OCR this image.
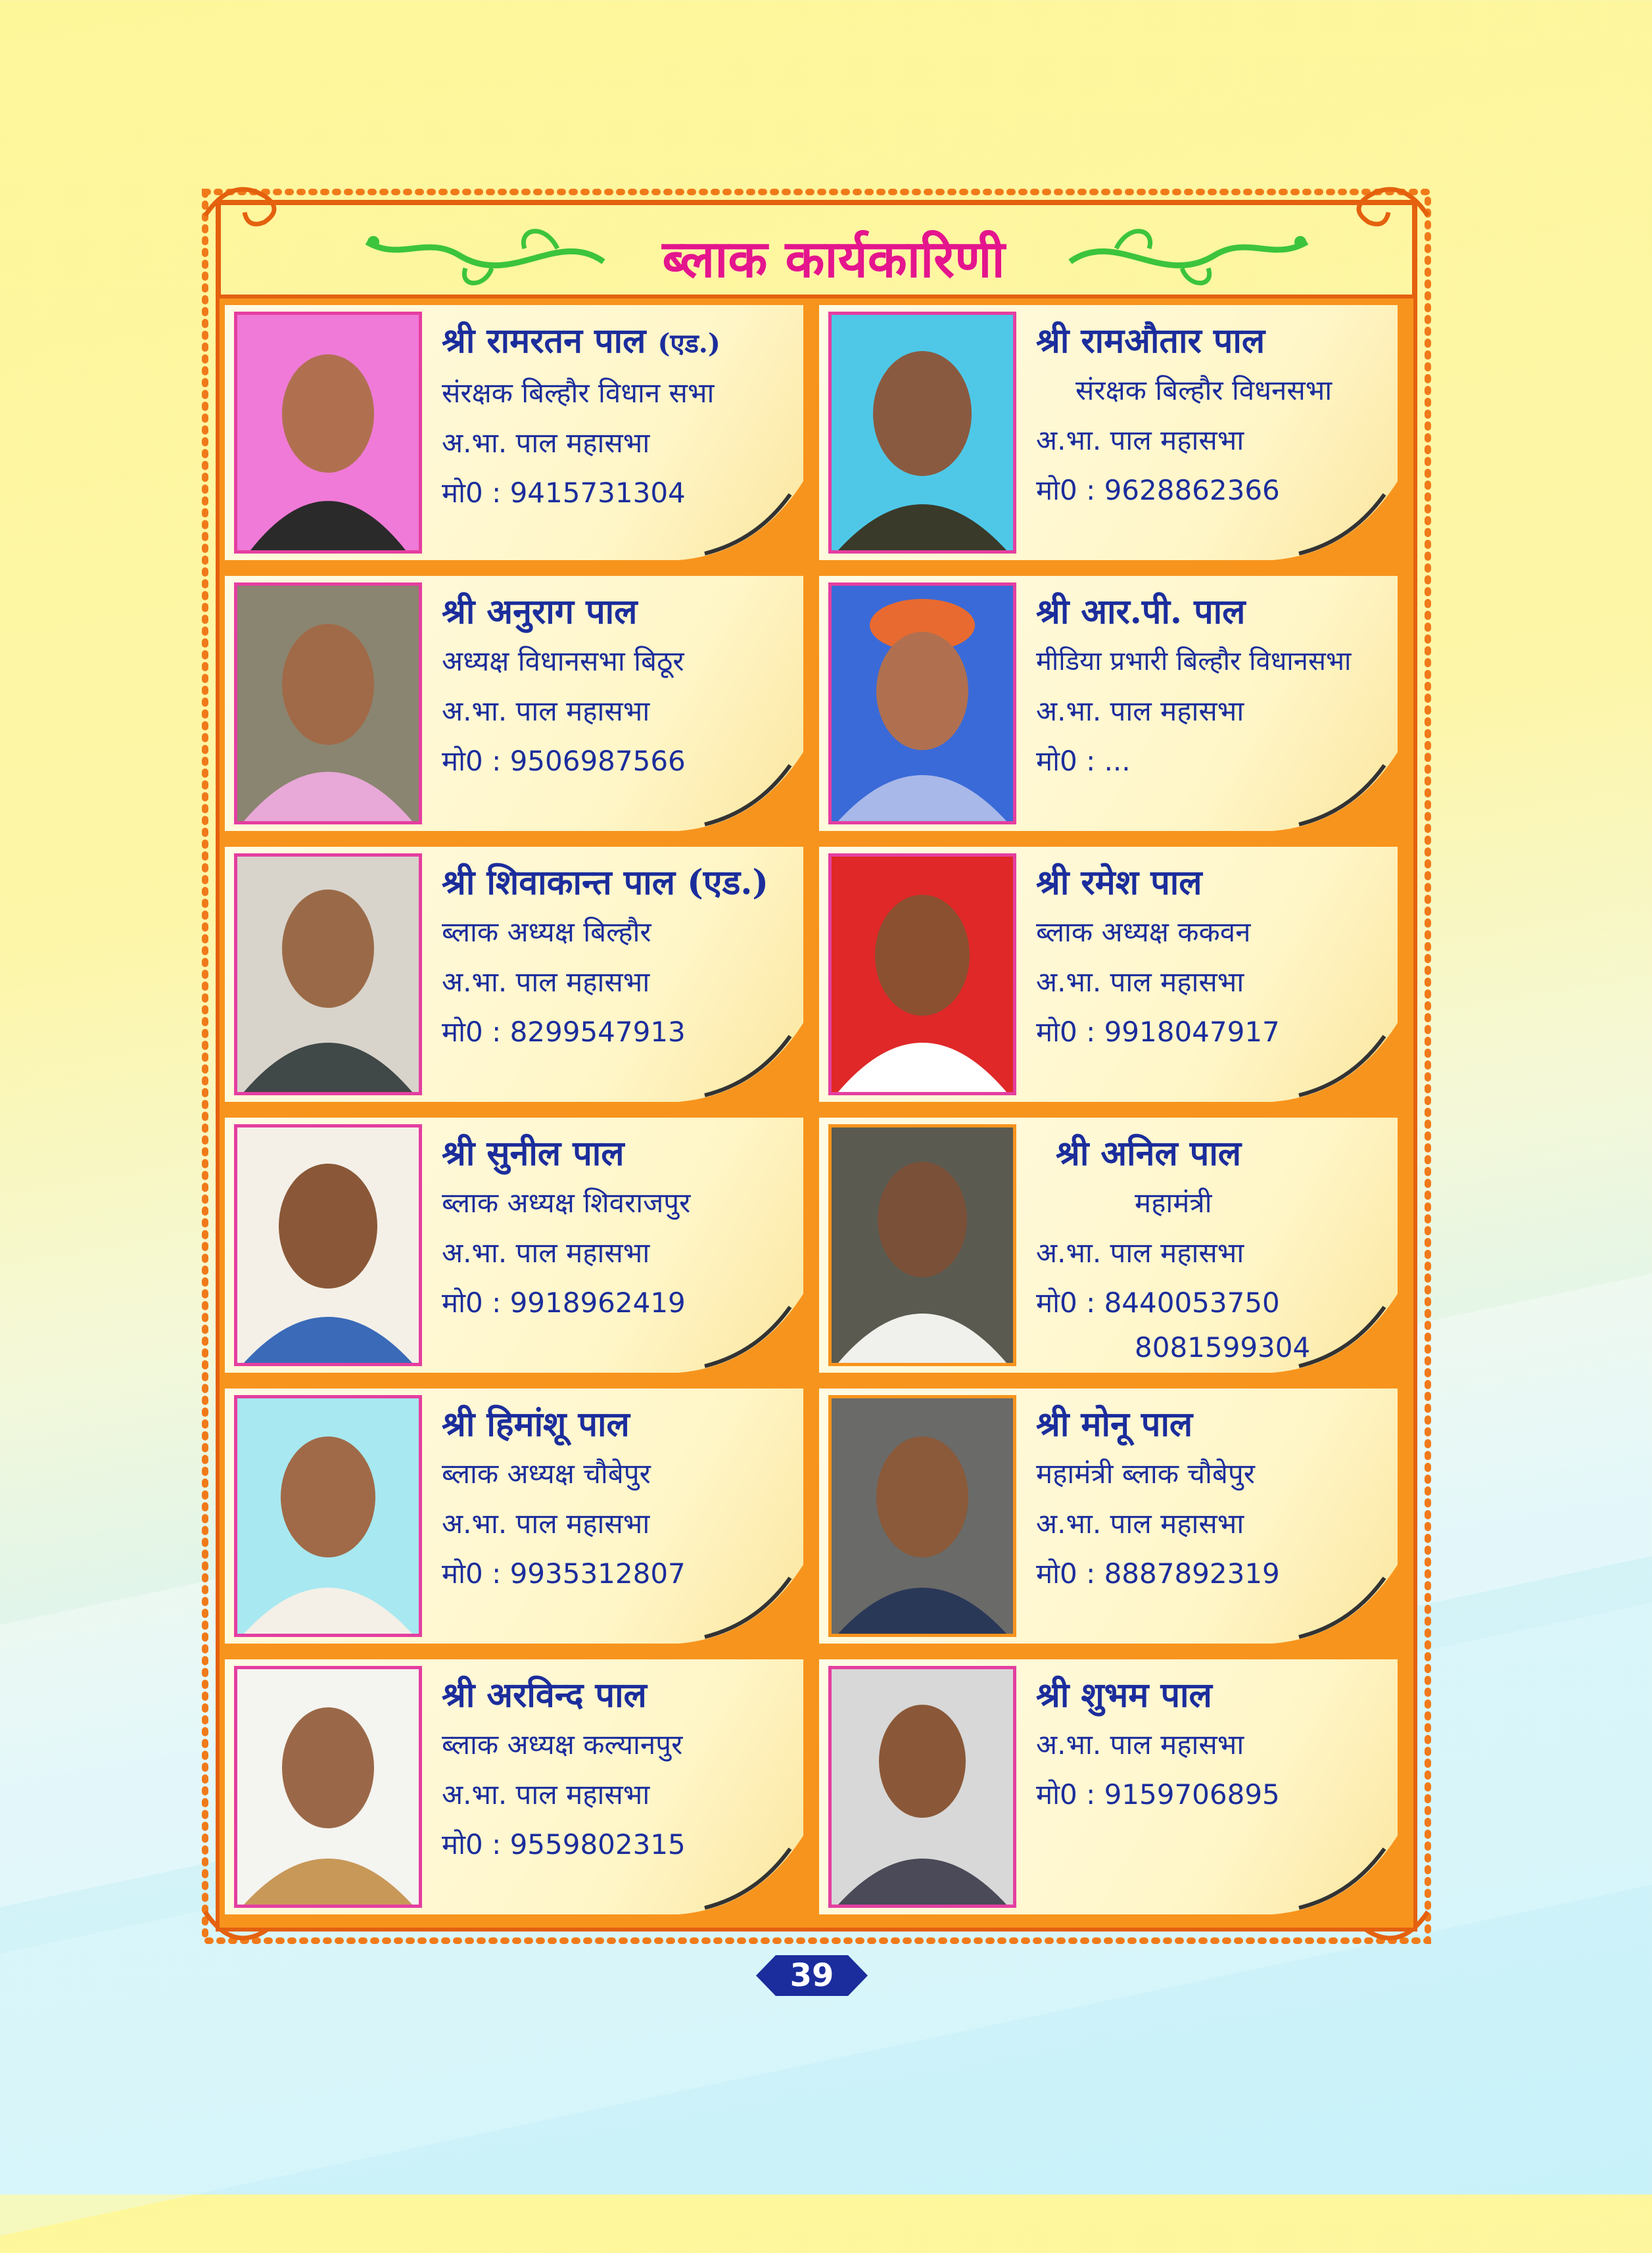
ब्लाक कार्यकारिणी
श्री रामरतन पाल (एड.)
संरक्षक बिल्हौर विधान सभा
अ.भा. पाल महासभा
मो0 : 9415731304
श्री रामऔतार पाल
संरक्षक बिल्हौर विधनसभा
अ.भा. पाल महासभा
मो0 : 9628862366
श्री अनुराग पाल
अध्यक्ष विधानसभा बिठूर
अ.भा. पाल महासभा
मो0 : 9506987566
श्री आर.पी. पाल
मीडिया प्रभारी बिल्हौर विधानसभा
अ.भा. पाल महासभा
मो0 : ...
श्री शिवाकान्त पाल (एड.)
ब्लाक अध्यक्ष बिल्हौर
अ.भा. पाल महासभा
मो0 : 8299547913
श्री रमेश पाल
ब्लाक अध्यक्ष ककवन
अ.भा. पाल महासभा
मो0 : 9918047917
श्री सुनील पाल
ब्लाक अध्यक्ष शिवराजपुर
अ.भा. पाल महासभा
मो0 : 9918962419
श्री अनिल पाल
महामंत्री
अ.भा. पाल महासभा
मो0 : 8440053750
8081599304
श्री हिमांशू पाल
ब्लाक अध्यक्ष चौबेपुर
अ.भा. पाल महासभा
मो0 : 9935312807
श्री मोनू पाल
महामंत्री ब्लाक चौबेपुर
अ.भा. पाल महासभा
मो0 : 8887892319
श्री अरविन्द पाल
ब्लाक अध्यक्ष कल्यानपुर
अ.भा. पाल महासभा
मो0 : 9559802315
श्री शुभम पाल
अ.भा. पाल महासभा
मो0 : 9159706895
39
